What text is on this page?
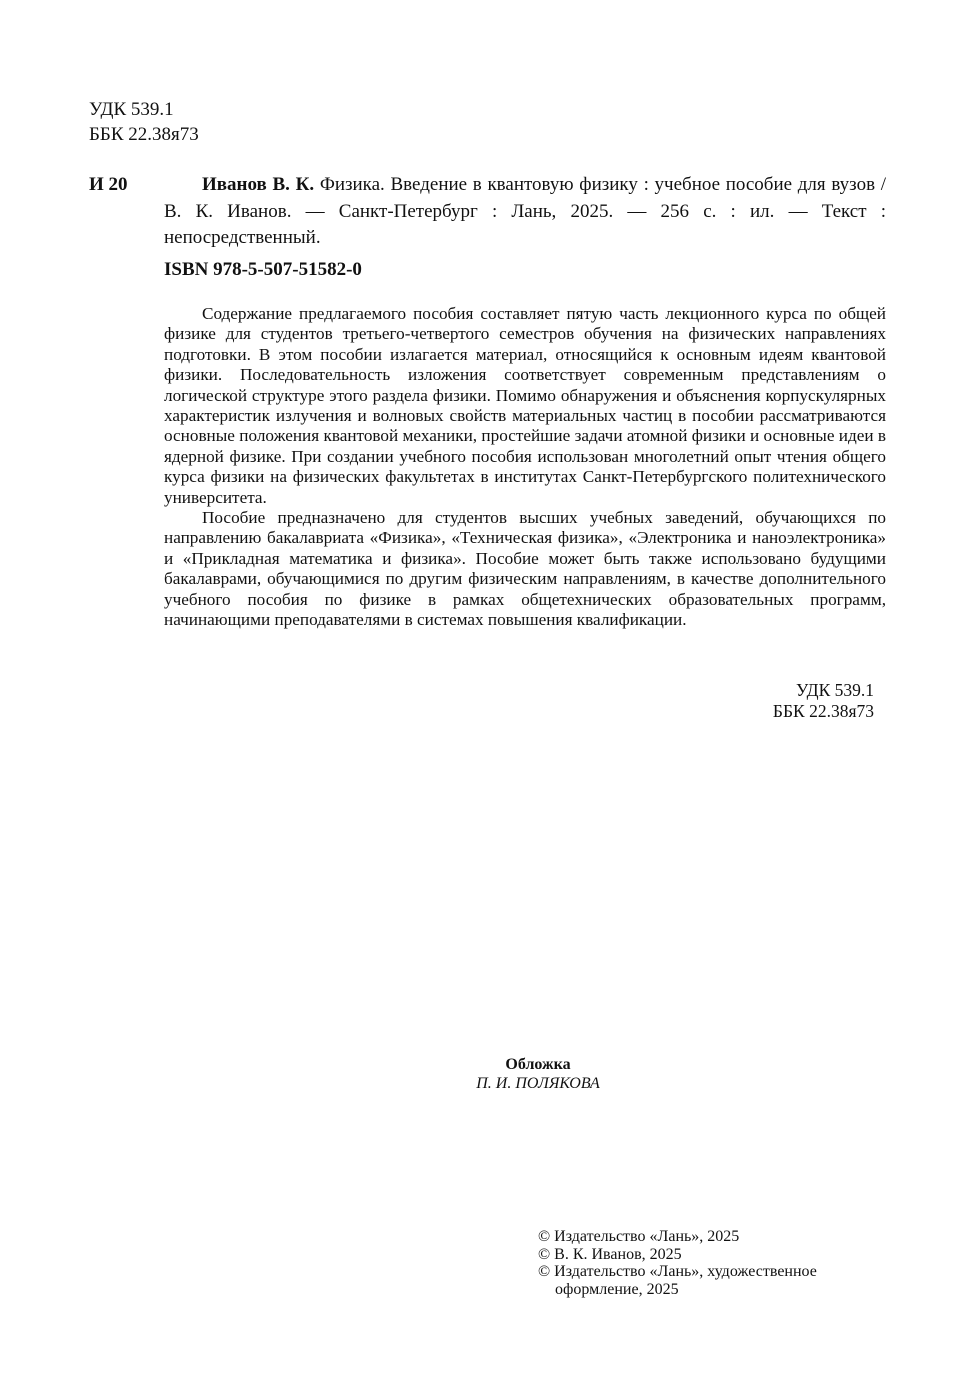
УДК 539.1
ББК 22.38я73
И 20	Иванов В. К. Физика. Введение в квантовую физику : учебное пособие для вузов / В. К. Иванов. — Санкт-Петербург : Лань, 2025. — 256 с. : ил. — Текст : непосредственный.
ISBN 978-5-507-51582-0

Содержание предлагаемого пособия составляет пятую часть лекционного курса по общей физике для студентов третьего-четвертого семестров обучения на физических направлениях подготовки. В этом пособии излагается материал, относящийся к основным идеям квантовой физики. Последовательность изложения соответствует современным представлениям о логической структуре этого раздела физики. Помимо обнаружения и объяснения корпускулярных характеристик излучения и волновых свойств материальных частиц в пособии рассматриваются основные положения квантовой механики, простейшие задачи атомной физики и основные идеи в ядерной физике. При создании учебного пособия использован многолетний опыт чтения общего курса физики на физических факультетах в институтах Санкт-Петербургского политехнического университета.

Пособие предназначено для студентов высших учебных заведений, обучающихся по направлению бакалавриата «Физика», «Техническая физика», «Электроника и наноэлектроника» и «Прикладная математика и физика». Пособие может быть также использовано будущими бакалаврами, обучающимися по другим физическим направлениям, в качестве дополнительного учебного пособия по физике в рамках общетехнических образовательных программ, начинающими преподавателями в системах повышения квалификации.

УДК 539.1
ББК 22.38я73
Обложка
П. И. ПОЛЯКОВА
© Издательство «Лань», 2025
© В. К. Иванов, 2025
© Издательство «Лань», художественное
оформление, 2025
